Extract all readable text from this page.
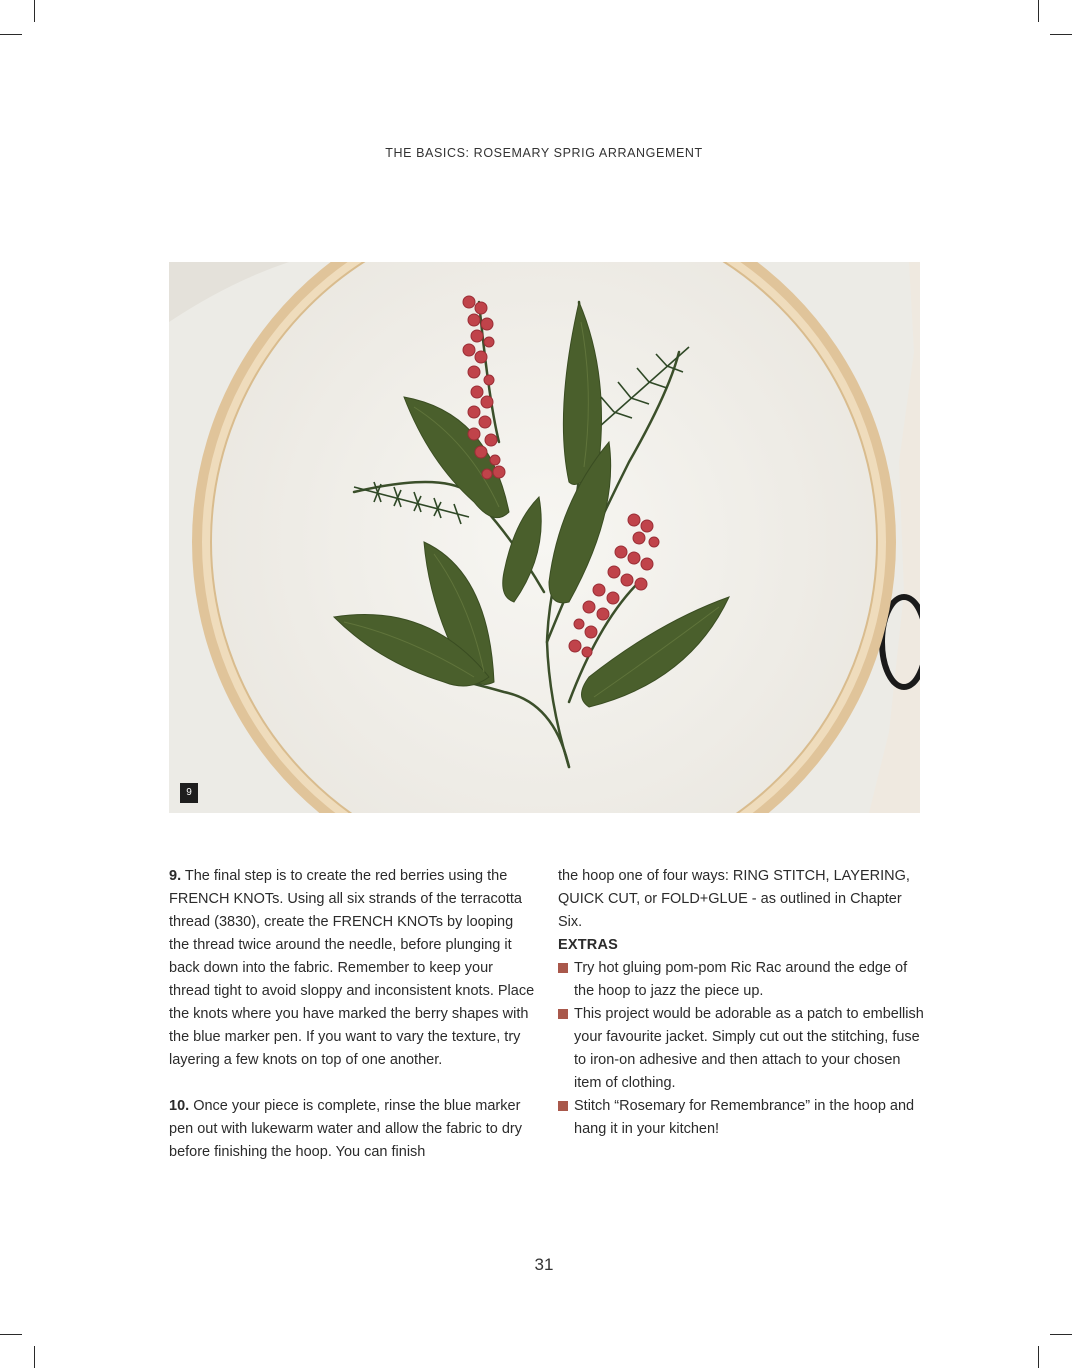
THE BASICS: ROSEMARY SPRIG ARRANGEMENT
9

9. The final step is to create the red berries using the FRENCH KNOTs. Using all six strands of the terracotta thread (3830), create the FRENCH KNOTs by looping the thread twice around the needle, before plunging it back down into the fabric. Remember to keep your thread tight to avoid sloppy and inconsistent knots. Place the knots where you have marked the berry shapes with the blue marker pen. If you want to vary the texture, try layering a few knots on top of one another.

10. Once your piece is complete, rinse the blue marker pen out with lukewarm water and allow the fabric to dry before finishing the hoop. You can finish

the hoop one of four ways: RING STITCH, LAYERING, QUICK CUT, or FOLD+GLUE - as outlined in Chapter Six.

EXTRAS

Try hot gluing pom-pom Ric Rac around the edge of the hoop to jazz the piece up.
This project would be adorable as a patch to embellish your favourite jacket. Simply cut out the stitching, fuse to iron-on adhesive and then attach to your chosen item of clothing.
Stitch “Rosemary for Remembrance” in the hoop and hang it in your kitchen!
31
